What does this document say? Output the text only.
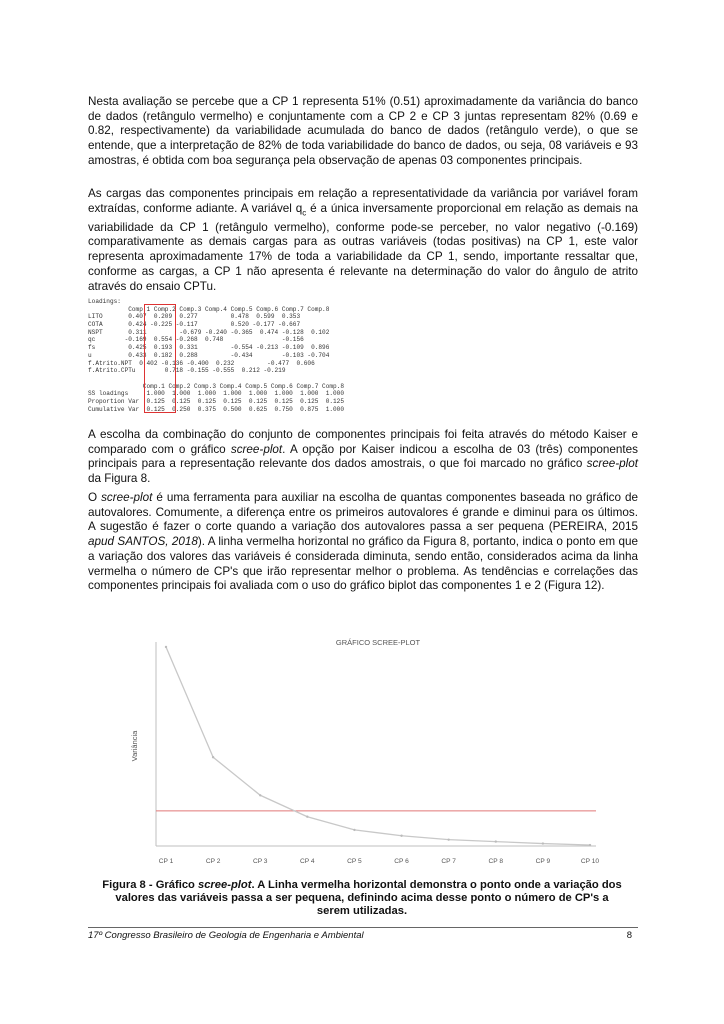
Nesta avaliação se percebe que a CP 1 representa 51% (0.51) aproximadamente da variância do banco de dados (retângulo vermelho) e conjuntamente com a CP 2 e CP 3 juntas representam 82% (0.69 e 0.82, respectivamente) da variabilidade acumulada do banco de dados (retângulo verde), o que se entende, que a interpretação de 82% de toda variabilidade do banco de dados, ou seja, 08 variáveis e 93 amostras, é obtida com boa segurança pela observação de apenas 03 componentes principais.

As cargas das componentes principais em relação a representatividade da variância por variável foram extraídas, conforme adiante. A variável $q_c$ é a única inversamente proporcional em relação as demais na variabilidade da CP 1 (retângulo vermelho), conforme pode-se perceber, no valor negativo (-0.169) comparativamente as demais cargas para as outras variáveis (todas positivas) na CP 1, este valor representa aproximadamente 17% de toda a variabilidade da CP 1, sendo, importante ressaltar que, conforme as cargas, a CP 1 não apresenta é relevante na determinação do valor do ângulo de atrito através do ensaio CPTu.

Loadings:
Comp.1 Comp.2 Comp.3 Comp.4 Comp.5 Comp.6 Comp.7 Comp.8
LITO       0.407  0.209  0.277         0.478  0.599  0.353
COTA       0.424 -0.225 -0.117         0.520 -0.177 -0.667
NSPT       0.311         -0.679 -0.240 -0.365  0.474 -0.128  0.102
qc        -0.169  0.554 -0.268  0.748                -0.156
fs         0.425  0.193  0.331         -0.554 -0.213 -0.109  0.896
u          0.433  0.182  0.288         -0.434        -0.103 -0.704
f.Atrito.NPT  0.402 -0.136 -0.400  0.232         -0.477  0.606
f.Atrito.CPTu        0.718 -0.155 -0.555  0.212 -0.219
Comp.1 Comp.2 Comp.3 Comp.4 Comp.5 Comp.6 Comp.7 Comp.8
SS loadings     1.000  1.000  1.000  1.000  1.000  1.000  1.000  1.000
Proportion Var  0.125  0.125  0.125  0.125  0.125  0.125  0.125  0.125
Cumulative Var  0.125  0.250  0.375  0.500  0.625  0.750  0.875  1.000

A escolha da combinação do conjunto de componentes principais foi feita através do método Kaiser e comparado com o gráfico scree-plot. A opção por Kaiser indicou a escolha de 03 (três) componentes principais para a representação relevante dos dados amostrais, o que foi marcado no gráfico scree-plot da Figura 8.

O scree-plot é uma ferramenta para auxiliar na escolha de quantas componentes baseada no gráfico de autovalores. Comumente, a diferença entre os primeiros autovalores é grande e diminui para os últimos. A sugestão é fazer o corte quando a variação dos autovalores passa a ser pequena (PEREIRA, 2015 apud SANTOS, 2018). A linha vermelha horizontal no gráfico da Figura 8, portanto, indica o ponto em que a variação dos valores das variáveis é considerada diminuta, sendo então, considerados acima da linha vermelha o número de CP's que irão representar melhor o problema. As tendências e correlações das componentes principais foi avaliada com o uso do gráfico biplot das componentes 1 e 2 (Figura 12).

GRÁFICO SCREE-PLOT
Variância
CP 1	CP 2	CP 3	CP 4	CP 5	CP 6	CP 7	CP 8	CP 9	CP 10

Figura 8 - Gráfico scree-plot. A Linha vermelha horizontal demonstra o ponto onde a variação dos valores das variáveis passa a ser pequena, definindo acima desse ponto o número de CP's a serem utilizadas.

17º Congresso Brasileiro de Geologia de Engenharia e Ambiental	8
